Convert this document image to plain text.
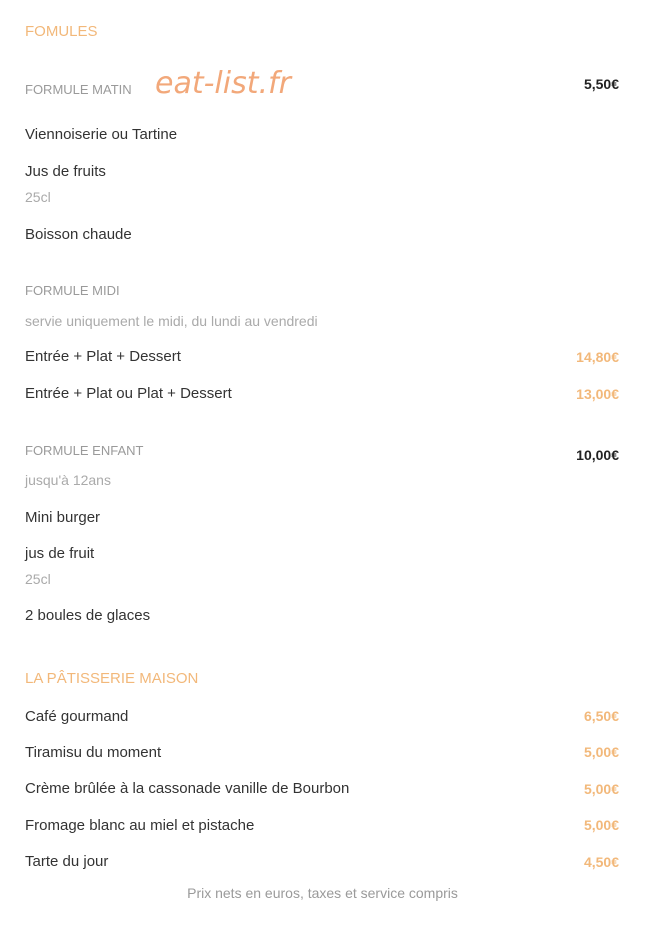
FOMULES
FORMULE MATIN eat-list.fr	5,50€
Viennoiserie ou Tartine
Jus de fruits
25cl
Boisson chaude
FORMULE MIDI
servie uniquement le midi, du lundi au vendredi
Entrée + Plat + Dessert	14,80€
Entrée + Plat ou Plat + Dessert	13,00€
FORMULE ENFANT	10,00€
jusqu'à 12ans
Mini burger
jus de fruit
25cl
2 boules de glaces
LA PÂTISSERIE MAISON
Café gourmand	6,50€
Tiramisu du moment	5,00€
Crème brûlée à la cassonade vanille de Bourbon	5,00€
Fromage blanc au miel et pistache	5,00€
Tarte du jour	4,50€
Prix nets en euros, taxes et service compris
